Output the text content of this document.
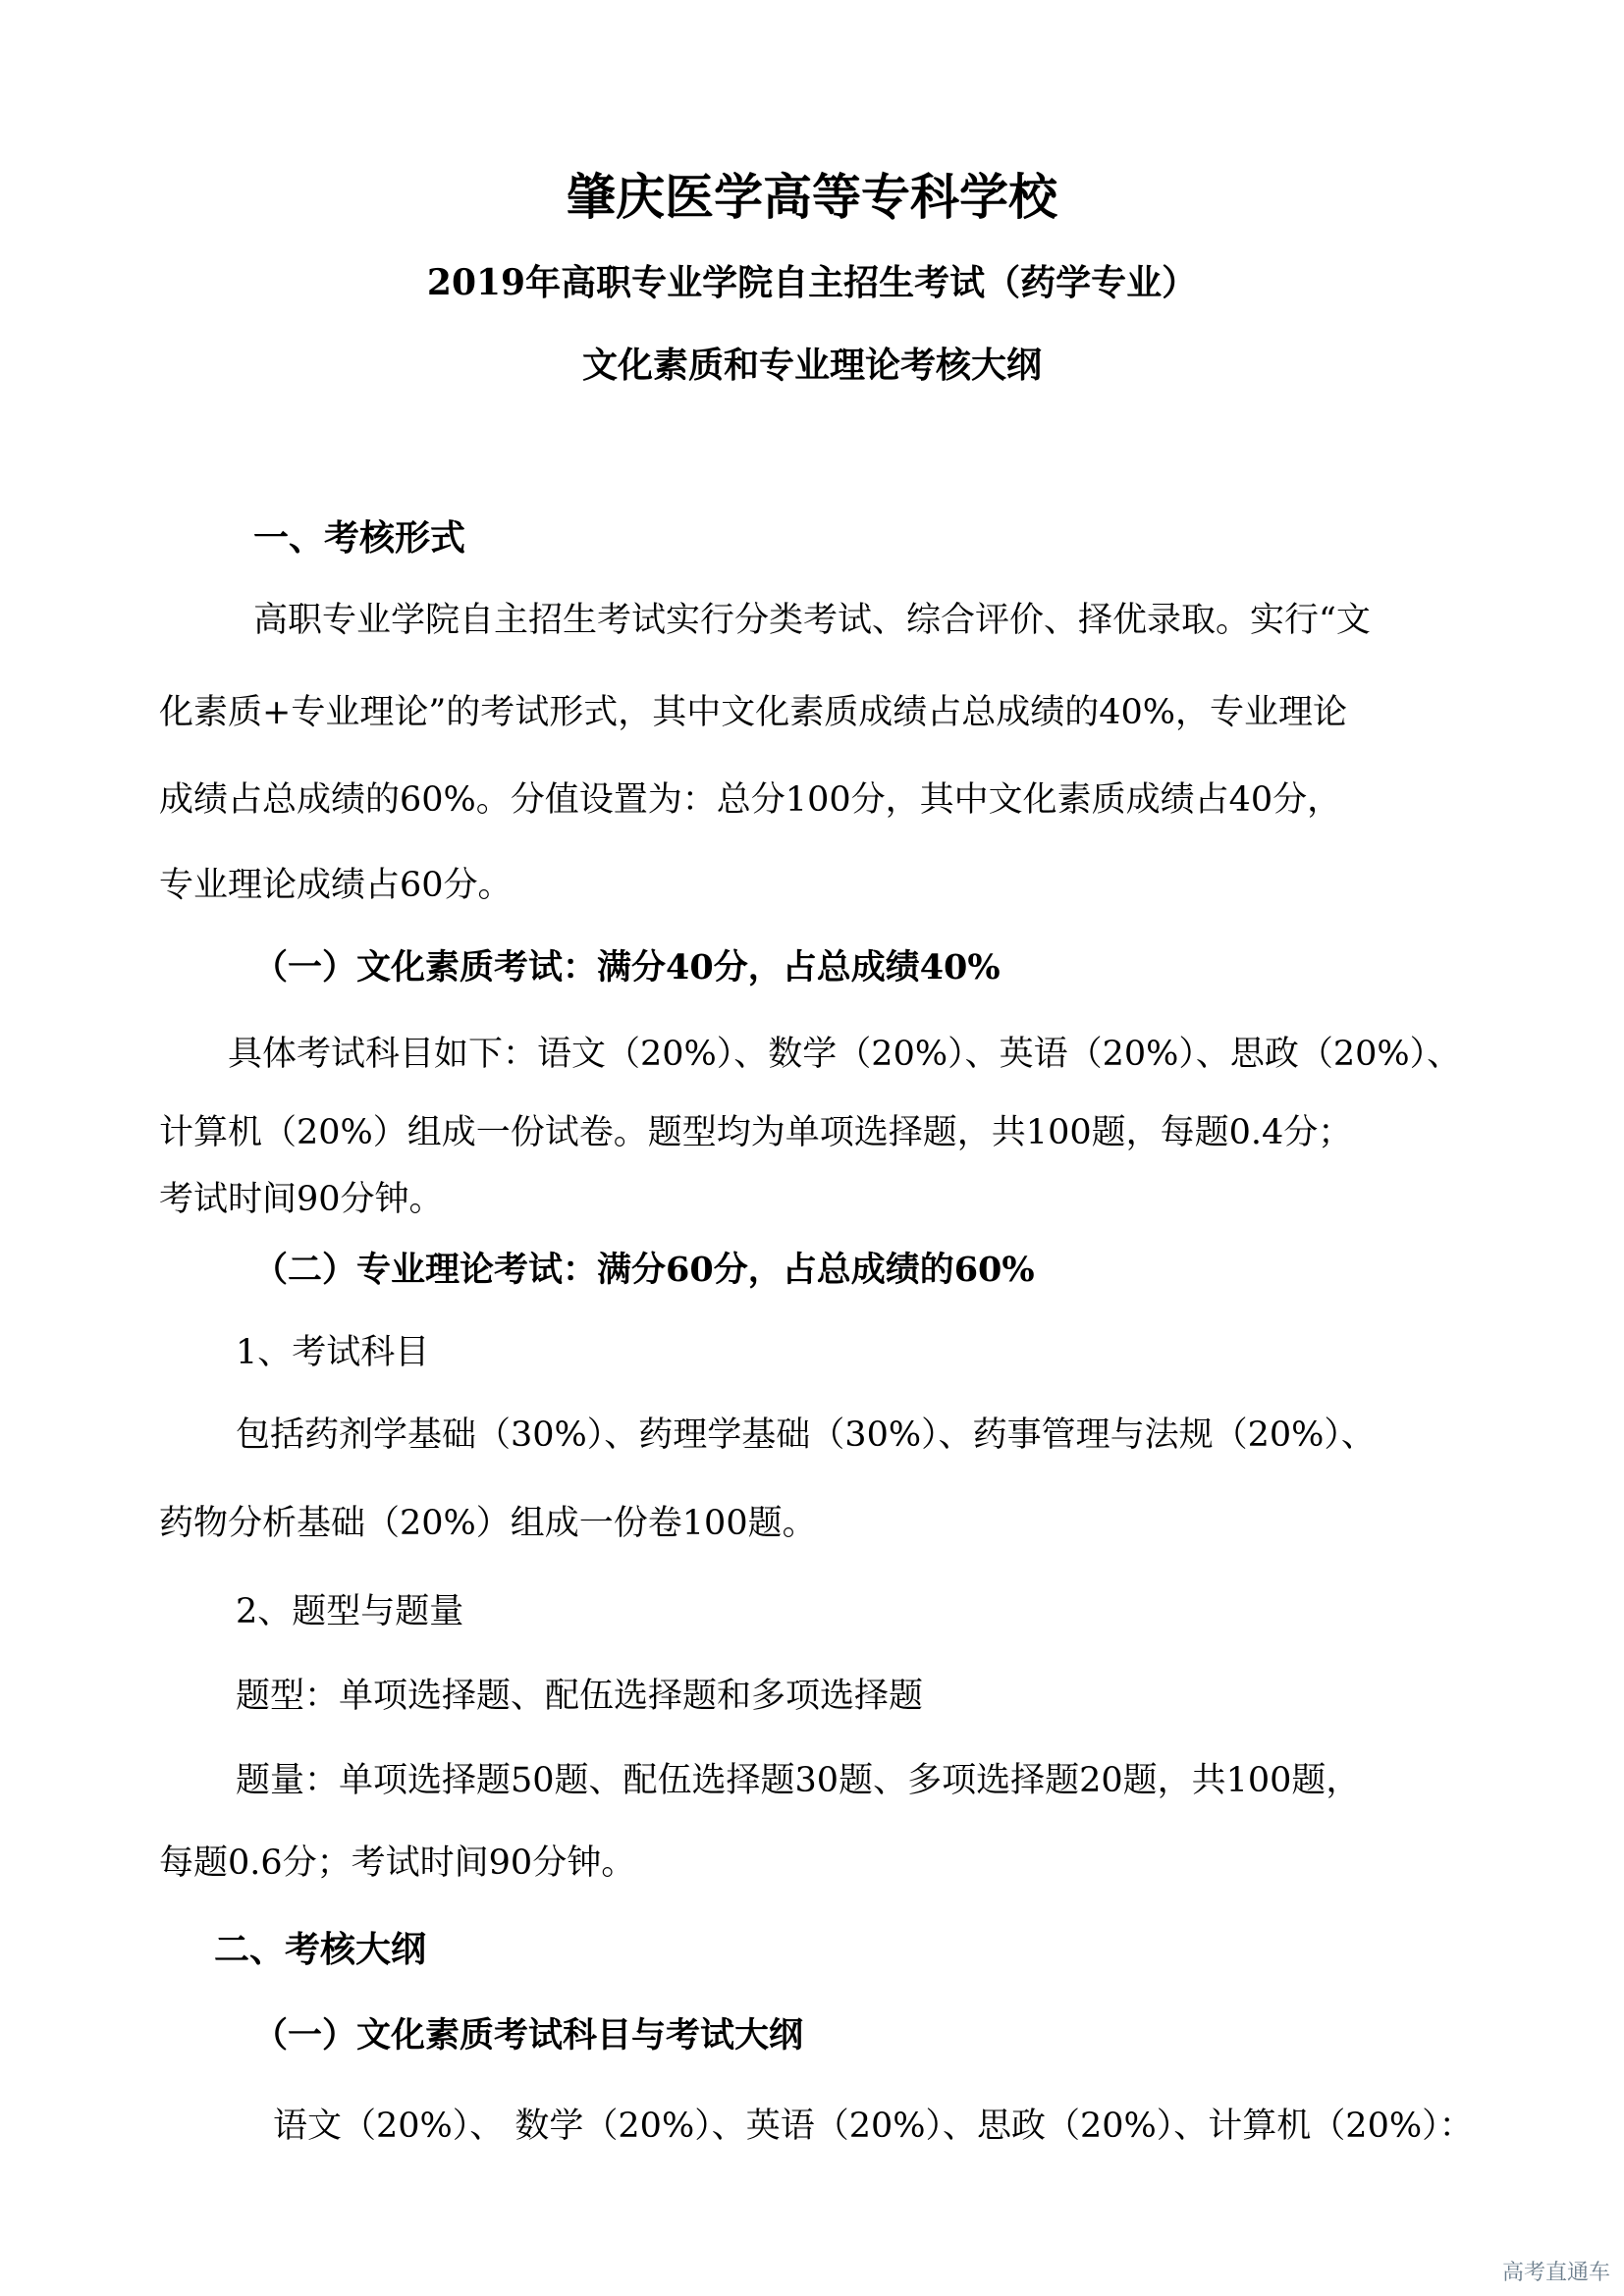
肇庆医学高等专科学校
2019年高职专业学院自主招生考试（药学专业）
文化素质和专业理论考核大纲
一、考核形式
高职专业学院自主招生考试实行分类考试、综合评价、择优录取。实行“文
化素质+专业理论”的考试形式，其中文化素质成绩占总成绩的40%，专业理论
成绩占总成绩的60%。分值设置为：总分100分，其中文化素质成绩占40分，
专业理论成绩占60分。
（一）文化素质考试：满分40分，占总成绩40%
具体考试科目如下：语文（20%）、数学（20%）、英语（20%）、思政（20%）、
计算机（20%）组成一份试卷。题型均为单项选择题，共100题，每题0.4分；
考试时间90分钟。
（二）专业理论考试：满分60分，占总成绩的60%
1、考试科目
包括药剂学基础（30%）、药理学基础（30%）、药事管理与法规（20%）、
药物分析基础（20%）组成一份卷100题。
2、题型与题量
题型：单项选择题、配伍选择题和多项选择题
题量：单项选择题50题、配伍选择题30题、多项选择题20题，共100题，
每题0.6分；考试时间90分钟。
二、考核大纲
（一）文化素质考试科目与考试大纲
语文（20%）、 数学（20%）、英语（20%）、思政（20%）、计算机（20%）：
高考直通车
